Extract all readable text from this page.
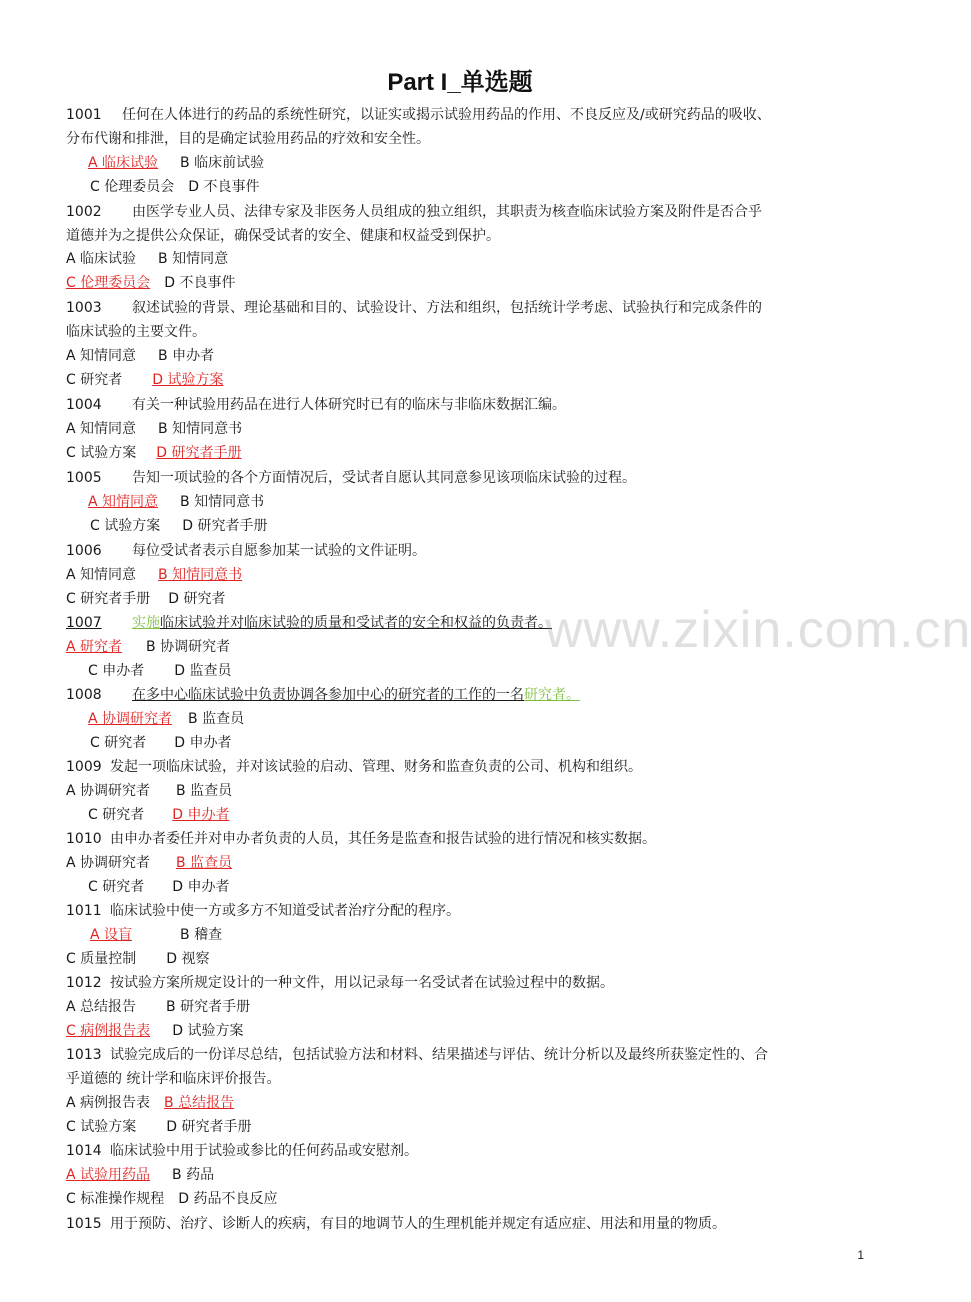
Part I_单选题
1001 任何在人体进行的药品的系统性研究，以证实或揭示试验用药品的作用、不良反应及/或研究药品的吸收、
分布代谢和排泄，目的是确定试验用药品的疗效和安全性。
A 临床试验 B 临床前试验
C 伦理委员会 D 不良事件
1002 由医学专业人员、法律专家及非医务人员组成的独立组织，其职责为核查临床试验方案及附件是否合乎
道德并为之提供公众保证，确保受试者的安全、健康和权益受到保护。
A 临床试验 B 知情同意
C 伦理委员会 D 不良事件
1003 叙述试验的背景、理论基础和目的、试验设计、方法和组织，包括统计学考虑、试验执行和完成条件的
临床试验的主要文件。
A 知情同意 B 申办者
C 研究者 D 试验方案
1004 有关一种试验用药品在进行人体研究时已有的临床与非临床数据汇编。
A 知情同意 B 知情同意书
C 试验方案 D 研究者手册
1005 告知一项试验的各个方面情况后，受试者自愿认其同意参见该项临床试验的过程。
A 知情同意 B 知情同意书
C 试验方案 D 研究者手册
1006 每位受试者表示自愿参加某一试验的文件证明。
A 知情同意 B 知情同意书
C 研究者手册 D 研究者
1007 实施临床试验并对临床试验的质量和受试者的安全和权益的负责者。
A 研究者 B 协调研究者
C 申办者 D 监查员
1008 在多中心临床试验中负责协调各参加中心的研究者的工作的一名研究者。
A 协调研究者 B 监查员
C 研究者 D 申办者
1009 发起一项临床试验，并对该试验的启动、管理、财务和监查负责的公司、机构和组织。
A 协调研究者 B 监查员
C 研究者 D 申办者
1010 由申办者委任并对申办者负责的人员，其任务是监查和报告试验的进行情况和核实数据。
A 协调研究者 B 监查员
C 研究者 D 申办者
1011 临床试验中使一方或多方不知道受试者治疗分配的程序。
A 设盲	B 稽查
C 质量控制 D 视察
1012 按试验方案所规定设计的一种文件，用以记录每一名受试者在试验过程中的数据。
A 总结报告 B 研究者手册
C 病例报告表 D 试验方案
1013 试验完成后的一份详尽总结，包括试验方法和材料、结果描述与评估、统计分析以及最终所获鉴定性的、合
乎道德的 统计学和临床评价报告。
A 病例报告表 B 总结报告
C 试验方案 D 研究者手册
1014 临床试验中用于试验或参比的任何药品或安慰剂。
A 试验用药品 B 药品
C 标准操作规程 D 药品不良反应
1015 用于预防、治疗、诊断人的疾病，有目的地调节人的生理机能并规定有适应症、用法和用量的物质。
www.zixin.com.cn
1
